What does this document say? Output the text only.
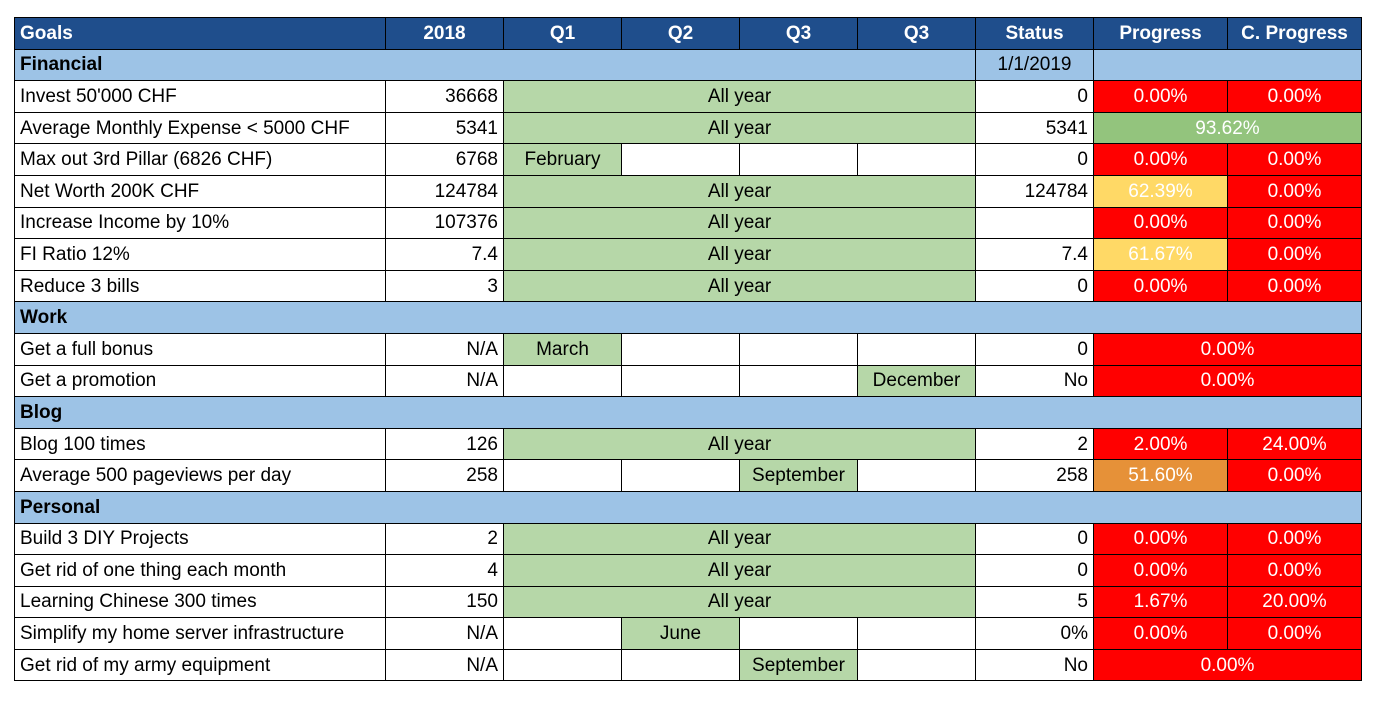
Goals	2018	Q1	Q2	Q3	Q3	Status	Progress	C. Progress
Financial						1/1/2019		
Invest 50'000 CHF	36668	All year				0	0.00%	0.00%
Average Monthly Expense < 5000 CHF	5341	All year				5341	93.62%	
Max out 3rd Pillar (6826 CHF)	6768	February				0	0.00%	0.00%
Net Worth 200K CHF	124784	All year				124784	62.39%	0.00%
Increase Income by 10%	107376	All year					0.00%	0.00%
FI Ratio 12%	7.4	All year				7.4	61.67%	0.00%
Reduce 3 bills	3	All year				0	0.00%	0.00%
Work								
Get a full bonus	N/A	March				0	0.00%	
Get a promotion	N/A				December	No	0.00%	
Blog								
Blog 100 times	126	All year				2	2.00%	24.00%
Average 500 pageviews per day	258			September		258	51.60%	0.00%
Personal								
Build 3 DIY Projects	2	All year				0	0.00%	0.00%
Get rid of one thing each month	4	All year				0	0.00%	0.00%
Learning Chinese 300 times	150	All year				5	1.67%	20.00%
Simplify my home server infrastructure	N/A		June			0%	0.00%	0.00%
Get rid of my army equipment	N/A			September		No	0.00%	
